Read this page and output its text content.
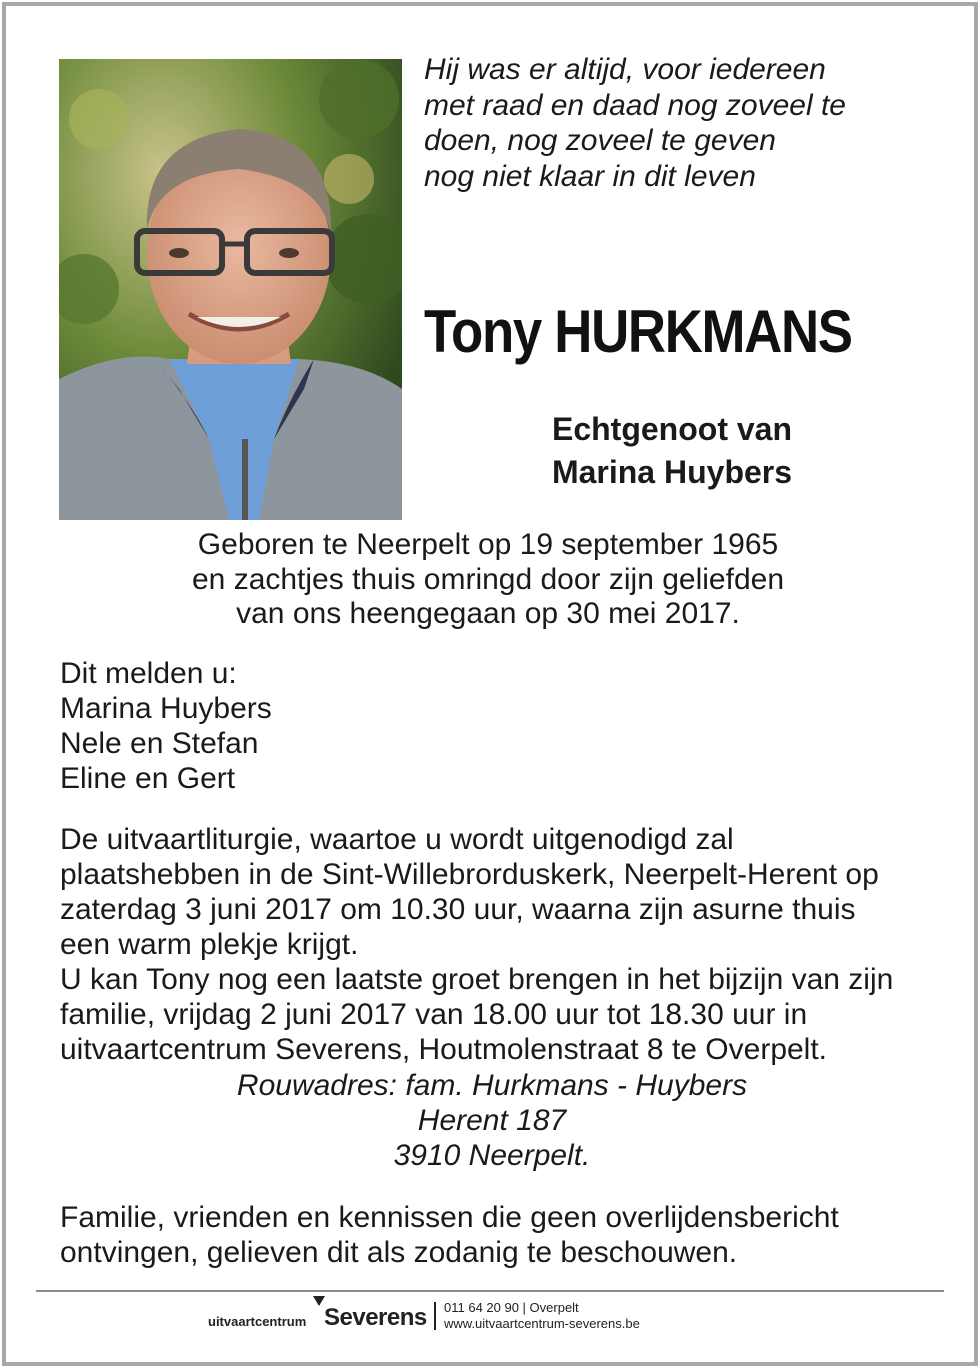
Hij was er altijd, voor iedereen
met raad en daad nog zoveel te
doen, nog zoveel te geven
nog niet klaar in dit leven
Tony HURKMANS
Echtgenoot van
Marina Huybers
Geboren te Neerpelt op 19 september 1965
en zachtjes thuis omringd door zijn geliefden
van ons heengegaan op 30 mei 2017.
Dit melden u:
Marina Huybers
Nele en Stefan
Eline en Gert
De uitvaartliturgie, waartoe u wordt uitgenodigd zal
plaatshebben in de Sint-Willebrorduskerk, Neerpelt-Herent op
zaterdag 3 juni 2017 om 10.30 uur, waarna zijn asurne thuis
een warm plekje krijgt.
U kan Tony nog een laatste groet brengen in het bijzijn van zijn
familie, vrijdag 2 juni 2017 van 18.00 uur tot 18.30 uur in
uitvaartcentrum Severens, Houtmolenstraat 8 te Overpelt.
Rouwadres: fam. Hurkmans - Huybers
Herent 187
3910 Neerpelt.
Familie, vrienden en kennissen die geen overlijdensbericht
ontvingen, gelieven dit als zodanig te beschouwen.
uitvaartcentrum Severens 011 64 20 90 | Overpelt
www.uitvaartcentrum-severens.be
